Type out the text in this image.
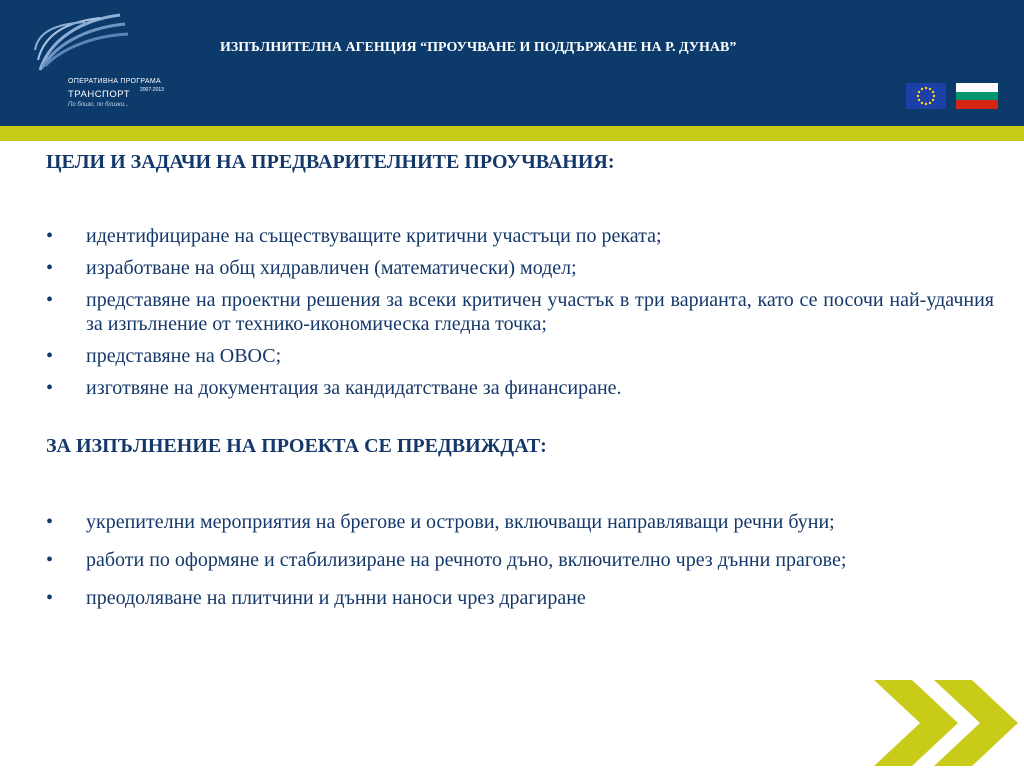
ОПЕРАТИВНА ПРОГРАМА
ТРАНСПОРТ 2007-2013
По близо, по близки...
ИЗПЪЛНИТЕЛНА АГЕНЦИЯ “ПРОУЧВАНЕ И ПОДДЪРЖАНЕ НА Р. ДУНАВ”

ЦЕЛИ И ЗАДАЧИ НА ПРЕДВАРИТЕЛНИТЕ ПРОУЧВАНИЯ:

• идентифициране на съществуващите критични участъци по реката;
• изработване на общ хидравличен (математически) модел;
• представяне на проектни решения за всеки критичен участък в три варианта, като се посочи най-удачния за изпълнение от технико-икономическа гледна точка;
• представяне на ОВОС;
• изготвяне на документация за кандидатстване за финансиране.

ЗА ИЗПЪЛНЕНИЕ НА ПРОЕКТА СЕ ПРЕДВИЖДАТ:

• укрепителни мероприятия на брегове и острови, включващи направляващи речни буни;
• работи по оформяне и стабилизиране на речното дъно, включително чрез дънни прагове;
• преодоляване на плитчини и дънни наноси чрез драгиране
